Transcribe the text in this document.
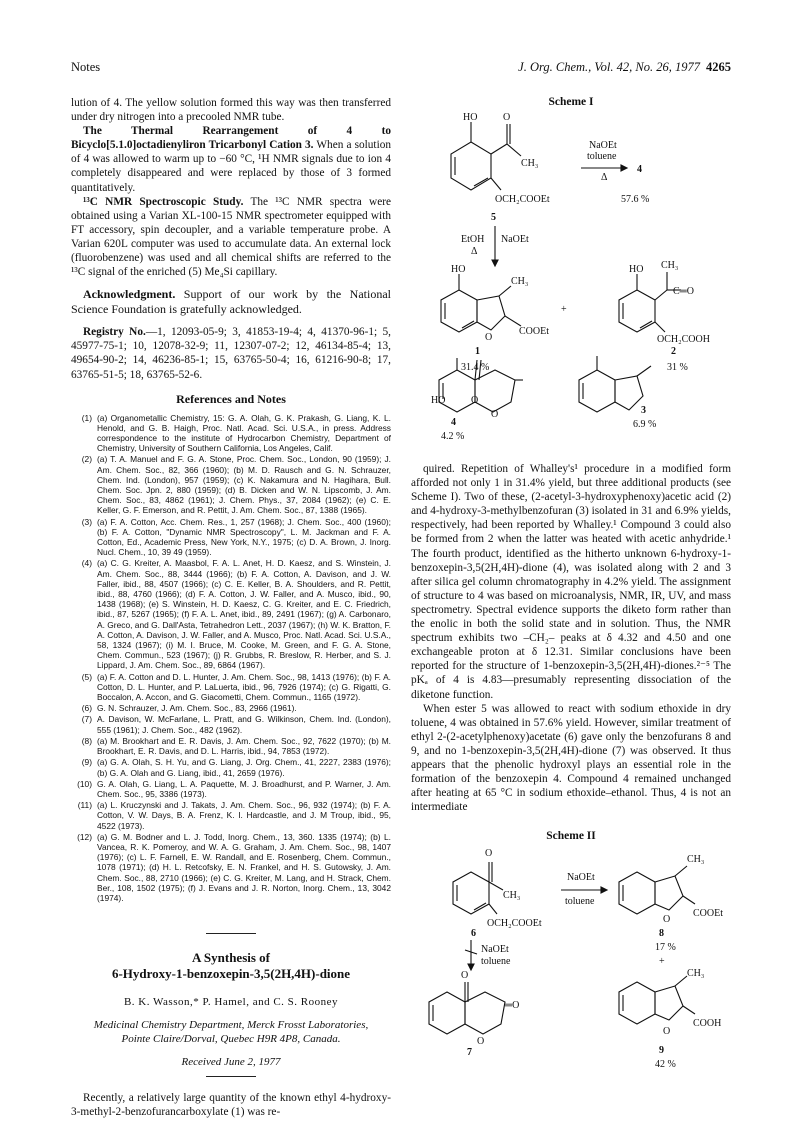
Notes	J. Org. Chem., Vol. 42, No. 26, 1977 4265

lution of 4. The yellow solution formed this way was then transferred under dry nitrogen into a precooled NMR tube.

The Thermal Rearrangement of 4 to Bicyclo[5.1.0]octadienyliron Tricarbonyl Cation 3. When a solution of 4 was allowed to warm up to −60 °C, ¹H NMR signals due to ion 4 completely disappeared and were replaced by those of 3 formed quantitatively.

¹³C NMR Spectroscopic Study. The ¹³C NMR spectra were obtained using a Varian XL-100-15 NMR spectrometer equipped with FT accessory, spin decoupler, and a variable temperature probe. A Varian 620L computer was used to accumulate data. An external lock (fluorobenzene) was used and all chemical shifts are referred to the ¹³C signal of the enriched (5) Me₄Si capillary.

Acknowledgment. Support of our work by the National Science Foundation is gratefully acknowledged.

Registry No.—1, 12093-05-9; 3, 41853-19-4; 4, 41370-96-1; 5, 45977-75-1; 10, 12078-32-9; 11, 12307-07-2; 12, 46134-85-4; 13, 49654-90-2; 14, 46236-85-1; 15, 63765-50-4; 16, 61216-90-8; 17, 63765-51-5; 18, 63765-52-6.

References and Notes
(1) (a) Organometallic Chemistry, 15: G. A. Olah, G. K. Prakash, G. Liang, K. L. Henold, and G. B. Haigh, Proc. Natl. Acad. Sci. U.S.A., in press. Address correspondence to the institute of Hydrocarbon Chemistry, Department of Chemistry, University of Southern California, Los Angeles, Calif.
(2) (a) T. A. Manuel and F. G. A. Stone, Proc. Chem. Soc., London, 90 (1959); J. Am. Chem. Soc., 82, 366 (1960); (b) M. D. Rausch and G. N. Schrauzer, Chem. Ind. (London), 957 (1959); (c) K. Nakamura and N. Hagihara, Bull. Chem. Soc. Jpn. 2, 880 (1959); (d) B. Dicken and W. N. Lipscomb, J. Am. Chem. Soc., 83, 4862 (1961); J. Chem. Phys., 37, 2084 (1962); (e) C. E. Keller, G. F. Emerson, and R. Pettit, J. Am. Chem. Soc., 87, 1388 (1965).
(3) (a) F. A. Cotton, Acc. Chem. Res., 1, 257 (1968); J. Chem. Soc., 400 (1960); (b) F. A. Cotton, "Dynamic NMR Spectroscopy", L. M. Jackman and F. A. Cotton, Ed., Academic Press, New York, N.Y., 1975; (c) D. A. Brown, J. Inorg. Nucl. Chem., 10, 39 49 (1959).
(4) (a) C. G. Kreiter, A. Maasbol, F. A. L. Anet, H. D. Kaesz, and S. Winstein, J. Am. Chem. Soc., 88, 3444 (1966); (b) F. A. Cotton, A. Davison, and J. W. Faller, ibid., 88, 4507 (1966); (c) C. E. Keller, B. A. Shoulders, and R. Pettit, ibid., 88, 4760 (1966); (d) F. A. Cotton, J. W. Faller, and A. Musco, ibid., 90, 1438 (1968); (e) S. Winstein, H. D. Kaesz, C. G. Kreiter, and E. C. Friedrich, ibid., 87, 5267 (1965); (f) F. A. L. Anet, ibid., 89, 2491 (1967); (g) A. Carbonaro, A. Greco, and G. Dall'Asta, Tetrahedron Lett., 2037 (1967); (h) W. K. Bratton, F. A. Cotton, A. Davison, J. W. Faller, and A. Musco, Proc. Natl. Acad. Sci. U.S.A., 58, 1324 (1967); (i) M. I. Bruce, M. Cooke, M. Green, and F. G. A. Stone, Chem. Commun., 523 (1967); (j) R. Grubbs, R. Breslow, R. Herber, and S. J. Lippard, J. Am. Chem. Soc., 89, 6864 (1967).
(5) (a) F. A. Cotton and D. L. Hunter, J. Am. Chem. Soc., 98, 1413 (1976); (b) F. A. Cotton, D. L. Hunter, and P. LaLuerta, ibid., 96, 7926 (1974); (c) G. Rigatti, G. Boccalon, A. Accon, and G. Giacometti, Chem. Commun., 1165 (1972).
(6) G. N. Schrauzer, J. Am. Chem. Soc., 83, 2966 (1961).
(7) A. Davison, W. McFarlane, L. Pratt, and G. Wilkinson, Chem. Ind. (London), 555 (1961); J. Chem. Soc., 482 (1962).
(8) (a) M. Brookhart and E. R. Davis, J. Am. Chem. Soc., 92, 7622 (1970); (b) M. Brookhart, E. R. Davis, and D. L. Harris, ibid., 94, 7853 (1972).
(9) (a) G. A. Olah, S. H. Yu, and G. Liang, J. Org. Chem., 41, 2227, 2383 (1976); (b) G. A. Olah and G. Liang, ibid., 41, 2659 (1976).
(10) G. A. Olah, G. Liang, L. A. Paquette, M. J. Broadhurst, and P. Warner, J. Am. Chem. Soc., 95, 3386 (1973).
(11) (a) L. Kruczynski and J. Takats, J. Am. Chem. Soc., 96, 932 (1974); (b) F. A. Cotton, V. W. Days, B. A. Frenz, K. I. Hardcastle, and J. M Troup, ibid., 95, 4522 (1973).
(12) (a) G. M. Bodner and L. J. Todd, Inorg. Chem., 13, 360. 1335 (1974); (b) L. Vancea, R. K. Pomeroy, and W. A. G. Graham, J. Am. Chem. Soc., 98, 1407 (1976); (c) L. F. Farnell, E. W. Randall, and E. Rosenberg, Chem. Commun., 1078 (1971); (d) H. L. Retcofsky, E. N. Frankel, and H. S. Gutowsky, J. Am. Chem. Soc., 88, 2710 (1966); (e) C. G. Kreiter, M. Lang, and H. Strack, Chem. Ber., 108, 1502 (1975); (f) J. Evans and J. R. Norton, Inorg. Chem., 13, 3042 (1974).
A Synthesis of
6-Hydroxy-1-benzoxepin-3,5(2H,4H)-dione
B. K. Wasson,* P. Hamel, and C. S. Rooney
Medicinal Chemistry Department, Merck Frosst Laboratories,
Pointe Claire/Dorval, Quebec H9R 4P8, Canada.
Received June 2, 1977

Recently, a relatively large quantity of the known ethyl 4-hydroxy-3-methyl-2-benzofurancarboxylate (1) was re-

Scheme I
HO	O
CH₃
OCH₂COOEt
NaOEt
toluene
Δ
4
57.6 %
5
EtOH
Δ
NaOEt
HO
CH₃
O
COOEt
1
31.4 %
+
HO CH₃
C═O
OCH₂COOH
2
31 %

HO	O
O
4
4.2 %
3
6.9 %

quired. Repetition of Whalley's¹ procedure in a modified form afforded not only 1 in 31.4% yield, but three additional products (see Scheme I). Two of these, (2-acetyl-3-hydroxyphenoxy)acetic acid (2) and 4-hydroxy-3-methylbenzofuran (3) isolated in 31 and 6.9% yields, respectively, had been reported by Whalley.¹ Compound 3 could also be formed from 2 when the latter was heated with acetic anhydride.¹ The fourth product, identified as the hitherto unknown 6-hydroxy-1-benzoxepin-3,5(2H,4H)-dione (4), was isolated along with 2 and 3 after silica gel column chromatography in 4.2% yield. The assignment of structure to 4 was based on microanalysis, NMR, IR, UV, and mass spectrometry. Spectral evidence supports the diketo form rather than the enolic in both the solid state and in solution. Thus, the NMR spectrum exhibits two –CH₂– peaks at δ 4.32 and 4.50 and one exchangeable proton at δ 12.31. Similar conclusions have been reported for the structure of 1-benzoxepin-3,5(2H,4H)-diones.²⁻⁵ The pKₐ of 4 is 4.83—presumably representing dissociation of the diketone function.

When ester 5 was allowed to react with sodium ethoxide in dry toluene, 4 was obtained in 57.6% yield. However, similar treatment of ethyl 2-(2-acetylphenoxy)acetate (6) gave only the benzofurans 8 and 9, and no 1-benzoxepin-3,5(2H,4H)-dione (7) was observed. It thus appears that the phenolic hydroxyl plays an essential role in the formation of the benzoxepin 4. Compound 4 remained unchanged after heating at 65 °C in sodium ethoxide–ethanol. Thus, 4 is not an intermediate

Scheme II
O
CH₃
OCH₂COOEt
NaOEt
toluene
CH₃
O
COOEt
6	8
17 %
+
NaOEt
toluene
O
═O
O
CH₃
O
COOH

7	9
42 %
